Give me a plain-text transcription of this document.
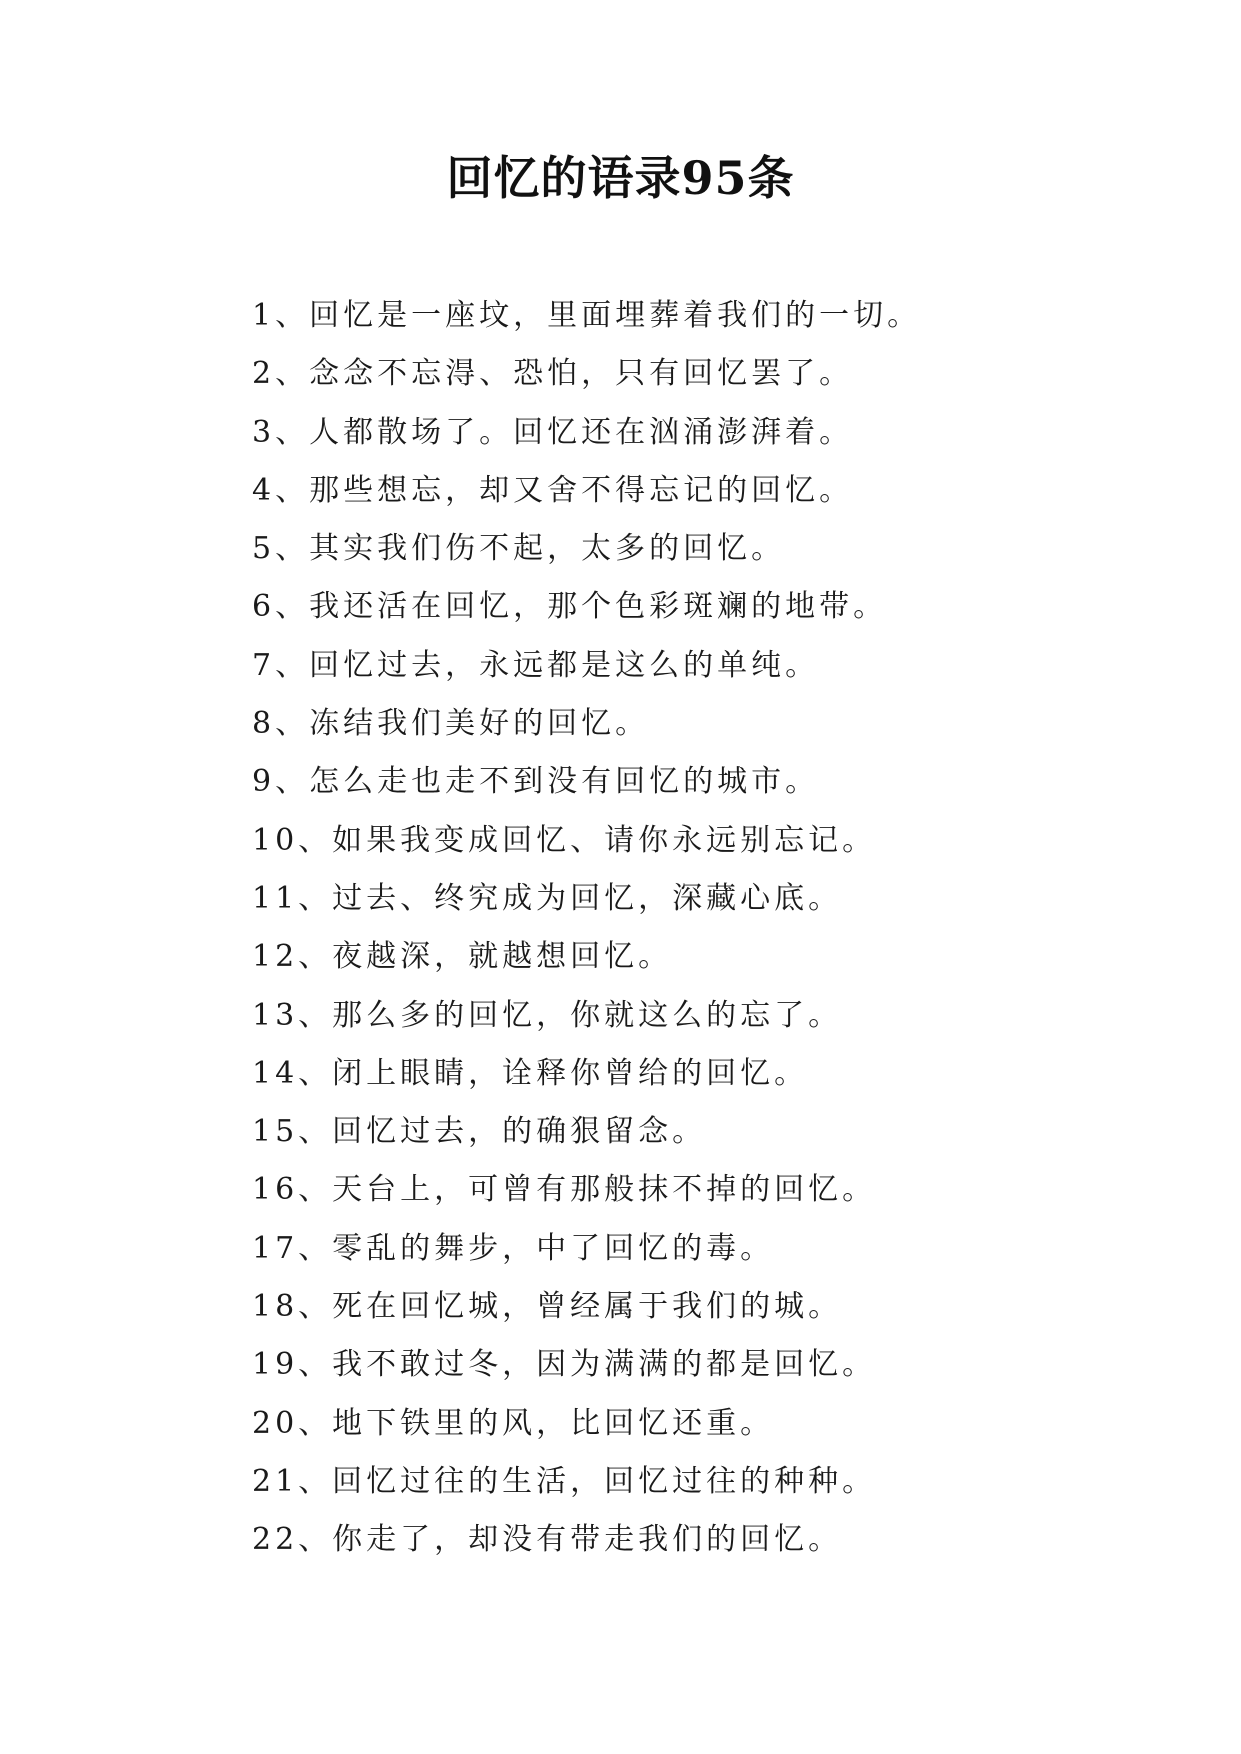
回忆的语录95条
1、回忆是一座坟，里面埋葬着我们的一切。
2、念念不忘淂、恐怕，只有回忆罢了。
3、人都散场了。回忆还在汹涌澎湃着。
4、那些想忘，却又舍不得忘记的回忆。
5、其实我们伤不起，太多的回忆。
6、我还活在回忆，那个色彩斑斓的地带。
7、回忆过去，永远都是这么的单纯。
8、冻结我们美好的回忆。
9、怎么走也走不到没有回忆的城市。
10、如果我变成回忆、请你永远别忘记。
11、过去、终究成为回忆，深藏心底。
12、夜越深，就越想回忆。
13、那么多的回忆，你就这么的忘了。
14、闭上眼睛，诠释你曾给的回忆。
15、回忆过去，的确狠留念。
16、天台上，可曾有那般抹不掉的回忆。
17、零乱的舞步，中了回忆的毒。
18、死在回忆城，曾经属于我们的城。
19、我不敢过冬，因为满满的都是回忆。
20、地下铁里的风，比回忆还重。
21、回忆过往的生活，回忆过往的种种。
22、你走了，却没有带走我们的回忆。
